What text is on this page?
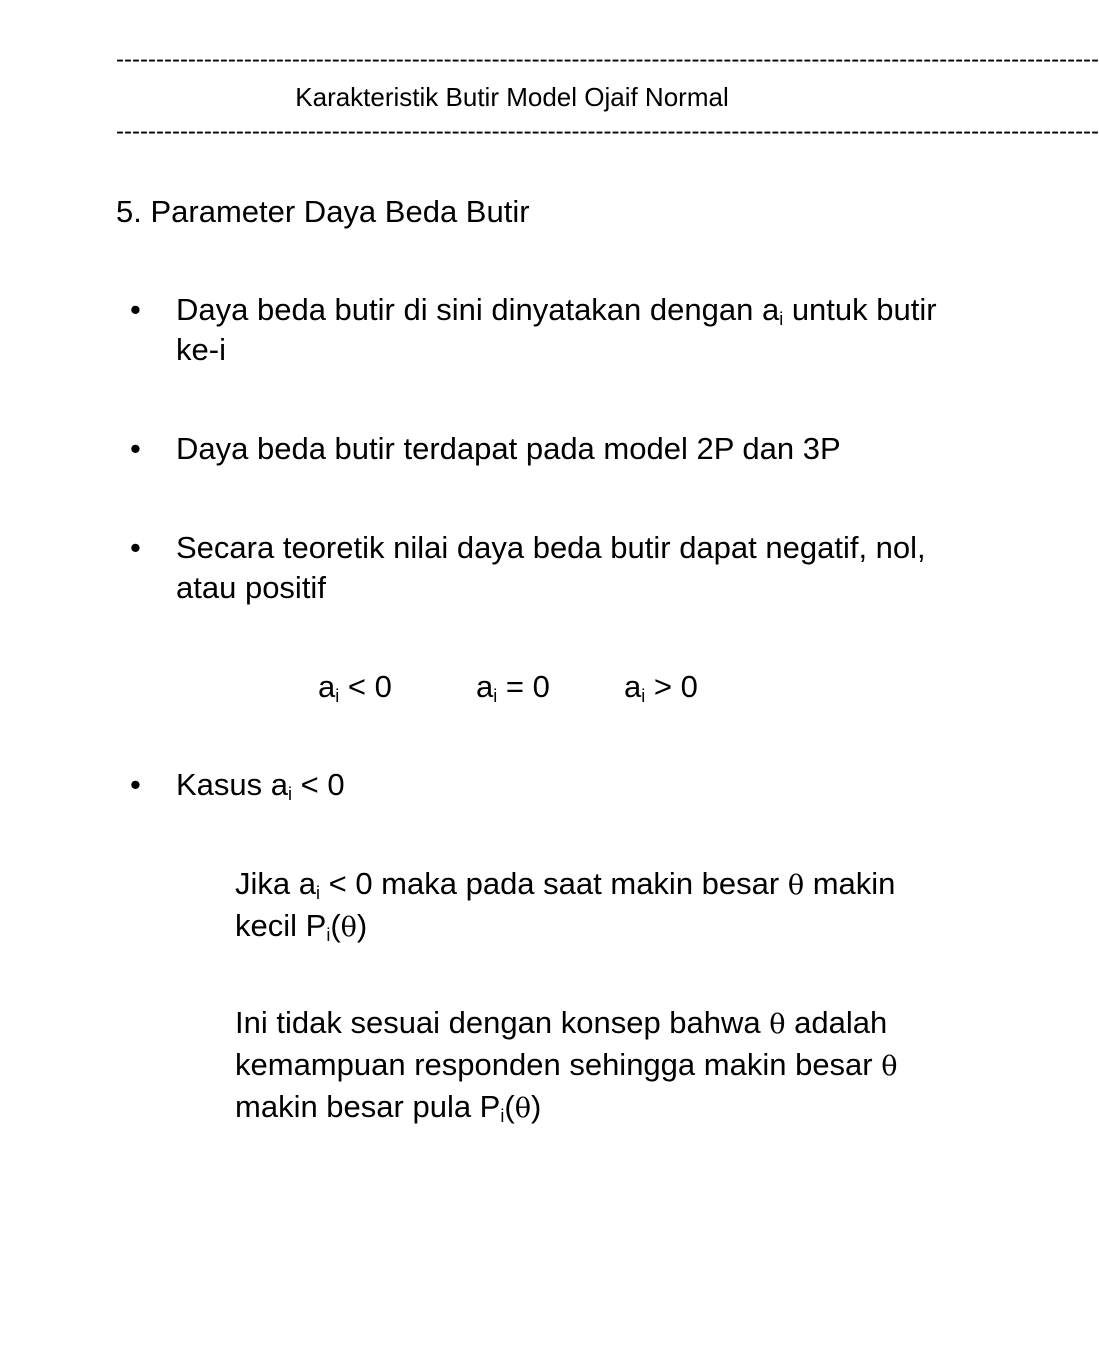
---------------------------------------------------------------------------------------------------------------------------
Karakteristik Butir Model Ojaif Normal
---------------------------------------------------------------------------------------------------------------------------
5. Parameter Daya Beda Butir
• Daya beda butir di sini dinyatakan dengan $a_i$ untuk butir ke-i
• Daya beda butir terdapat pada model 2P dan 3P
• Secara teoretik nilai daya beda butir dapat negatif, nol, atau positif
$a_i < 0$	$a_i = 0$ $a_i > 0$
• Kasus $a_i < 0$
Jika $a_i < 0$ maka pada saat makin besar θ makin kecil $P_i(\theta)$
Ini tidak sesuai dengan konsep bahwa θ adalah kemampuan responden sehingga makin besar θ makin besar pula $P_i(\theta)$
